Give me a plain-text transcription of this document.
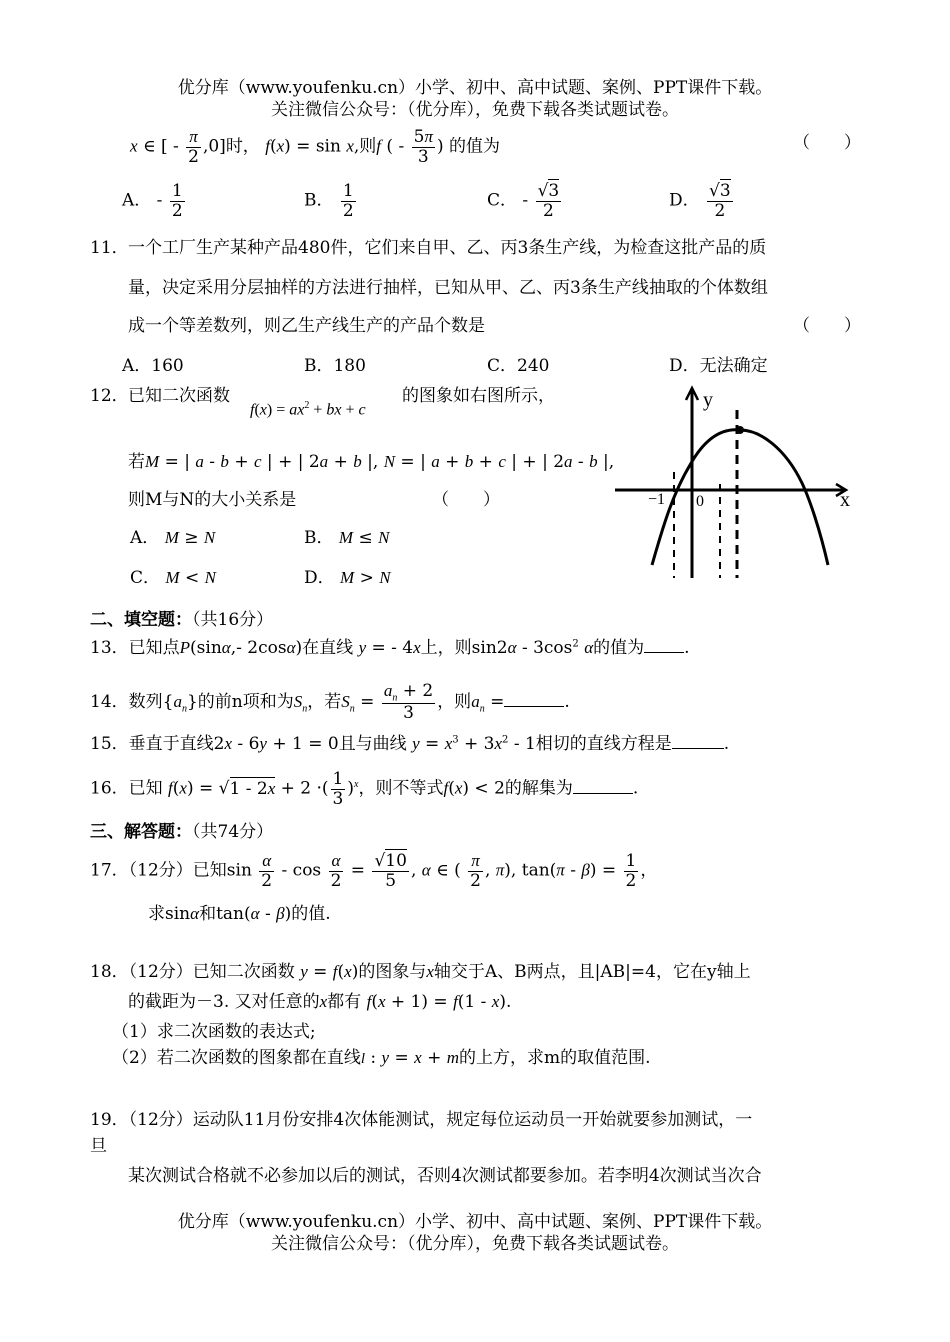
优分库（www.youfenku.cn）小学、初中、高中试题、案例、PPT课件下载。
关注微信公众号：（优分库），免费下载各类试题试卷。
x ∈ [ - $\frac{\pi}{2} ,0$]时， f(x) = sin x,则f ( - $\frac{5\pi}{3}$ ) 的值为	（　　）
A． - $\frac{1}{2}$	B． $\frac{1}{2}$	C． - $\frac{√3}{2}$	D． $\frac{√3}{2}$
11． 一个工厂生产某种产品480件，它们来自甲、乙、丙3条生产线，为检查这批产品的质
量，决定采用分层抽样的方法进行抽样，已知从甲、乙、丙3条生产线抽取的个体数组
成一个等差数列，则乙生产线生产的产品个数是	（　　）
A．160	B．180	C．240	D．无法确定
12． 已知二次函数
$f(x) = ax^2$ + bx + c
的图象如右图所示，
若M = | a - b + c | + | 2a + b |, N = | a + b + c | + | 2a - b |,
则M与N的大小关系是	（　　）
A． M ≥ N	B． M ≤ N
C． M < N	D． M > N
y
x
−1 0
二、填空题：（共16分）
13．已知点P(sinα,- 2cosα)在直线 y = - 4x上，则$\sin 2\alpha - 3\cos^2$ α的值为 .
14．数列$\{a_n\}$的前n项和为$S_n$，若$S_n = \frac{a_n + 2}{3}$ ，则$a_n$ =	.
15．垂直于直线2x - 6y + 1 = 0且与曲线 $y = x^3 + 3x^2 - 1$相切的直线方程是	.
16．已知 f(x) = √1 - 2x + 2 ·( $\frac{1}{3} )^x$，则不等式f(x) < 2的解集为	.
三、解答题：（共74分）
17．（12分）已知$\sin \frac{\alpha}{2} - \cos \frac{\alpha}{2} = \frac{√10}{5}$ , α ∈ ( $\frac{\pi}{2}$ , π), $\tan(\pi - \beta) = \frac{1}{2}$ ，
求sinα和tan(α - β)的值.
18．（12分）已知二次函数 y = f(x)的图象与x轴交于A、B两点，且|AB|=4，它在y轴上
的截距为－3. 又对任意的x都有 f(x + 1) = f(1 - x).
（1）求二次函数的表达式;
（2）若二次函数的图象都在直线l : y = x + m的上方，求m的取值范围.
19．（12分）运动队11月份安排4次体能测试，规定每位运动员一开始就要参加测试，一
旦
某次测试合格就不必参加以后的测试，否则4次测试都要参加。若李明4次测试当次合
优分库（www.youfenku.cn）小学、初中、高中试题、案例、PPT课件下载。
关注微信公众号：（优分库），免费下载各类试题试卷。
